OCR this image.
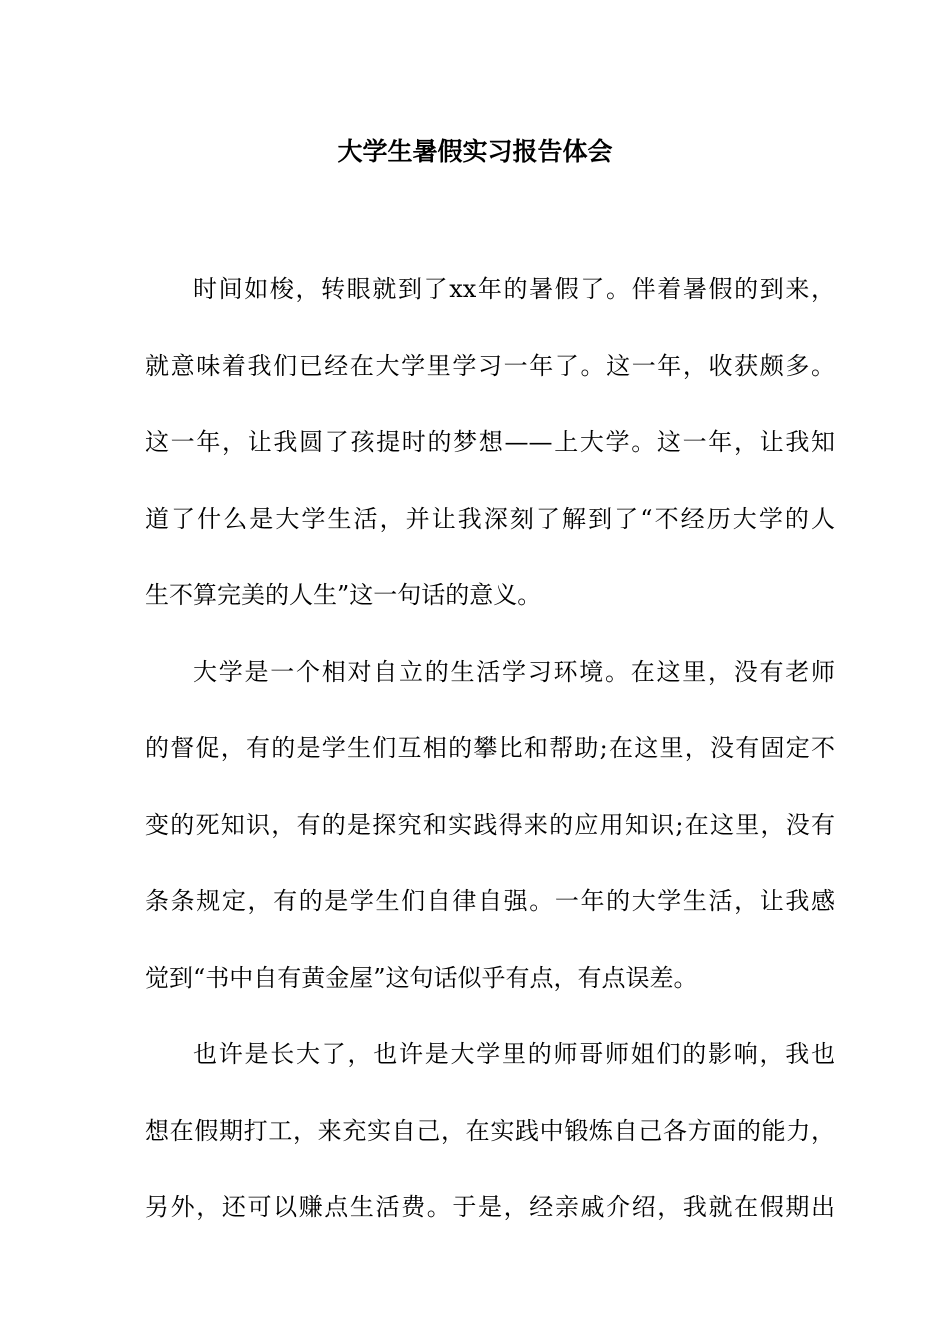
大学生暑假实习报告体会
时间如梭，转眼就到了xx年的暑假了。伴着暑假的到来，
就意味着我们已经在大学里学习一年了。这一年，收获颇多。
这一年，让我圆了孩提时的梦想——上大学。这一年，让我知
道了什么是大学生活，并让我深刻了解到了“不经历大学的人
生不算完美的人生”这一句话的意义。
大学是一个相对自立的生活学习环境。在这里，没有老师
的督促，有的是学生们互相的攀比和帮助;在这里，没有固定不
变的死知识，有的是探究和实践得来的应用知识;在这里，没有
条条规定，有的是学生们自律自强。一年的大学生活，让我感
觉到“书中自有黄金屋”这句话似乎有点，有点误差。
也许是长大了，也许是大学里的师哥师姐们的影响，我也
想在假期打工，来充实自己，在实践中锻炼自己各方面的能力，
另外，还可以赚点生活费。于是，经亲戚介绍，我就在假期出
